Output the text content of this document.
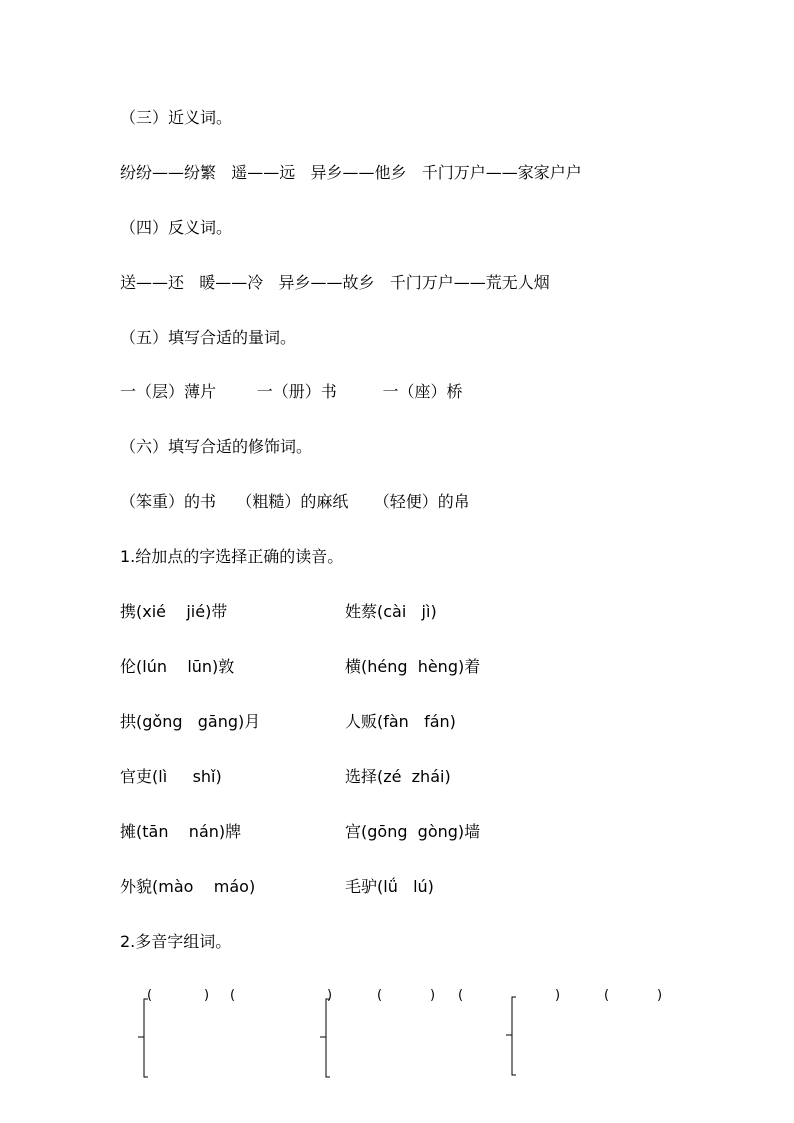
（三）近义词。
纷纷——纷繁   遥——远   异乡——他乡   千门万户——家家户户
（四）反义词。
送——还   暖——冷   异乡——故乡   千门万户——荒无人烟
（五）填写合适的量词。
一（层）薄片        一（册）书         一（座）桥
（六）填写合适的修饰词。
（笨重）的书    （粗糙）的麻纸     （轻便）的帛
1.给加点的字选择正确的读音。
携(xié    jié)带	姓蔡(cài   jì)
伦(lún    lūn)敦	横(héng  hèng)着
拱(gǒng   gāng)月	人贩(fàn   fán)
官吏(lì     shǐ)	选择(zé  zhái)
摊(tān    nán)牌	宫(gōng  gòng)墙
外貌(mào    máo)	毛驴(lǘ   lú)
2.多音字组词。
(	) (	)	(	) (	)	(	)
